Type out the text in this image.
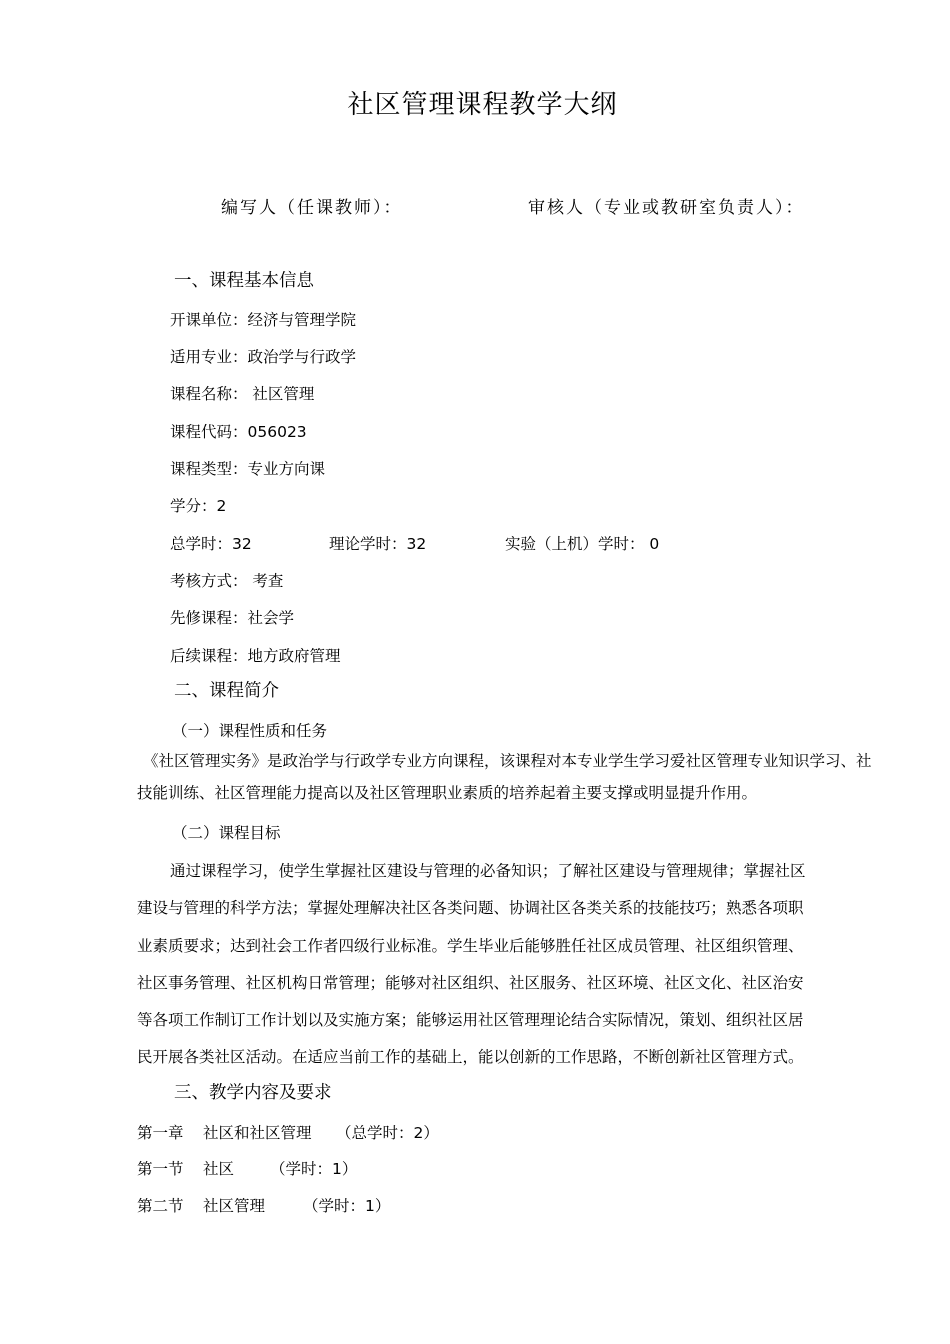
社区管理课程教学大纲
编写人（任课教师）：	审核人（专业或教研室负责人）：
一、课程基本信息
开课单位：经济与管理学院
适用专业：政治学与行政学
课程名称： 社区管理
课程代码：056023
课程类型：专业方向课
学分：2
总学时：32	理论学时：32	实验（上机）学时： 0
考核方式： 考查
先修课程：社会学
后续课程：地方政府管理
二、课程简介
（一）课程性质和任务
《社区管理实务》是政治学与行政学专业方向课程，该课程对本专业学生学习爱社区管理专业知识学习、社
技能训练、社区管理能力提高以及社区管理职业素质的培养起着主要支撑或明显提升作用。
（二）课程目标
通过课程学习，使学生掌握社区建设与管理的必备知识；了解社区建设与管理规律；掌握社区
建设与管理的科学方法；掌握处理解决社区各类问题、协调社区各类关系的技能技巧；熟悉各项职
业素质要求；达到社会工作者四级行业标准。学生毕业后能够胜任社区成员管理、社区组织管理、
社区事务管理、社区机构日常管理；能够对社区组织、社区服务、社区环境、社区文化、社区治安
等各项工作制订工作计划以及实施方案；能够运用社区管理理论结合实际情况，策划、组织社区居
民开展各类社区活动。在适应当前工作的基础上，能以创新的工作思路，不断创新社区管理方式。
三、教学内容及要求
第一章 社区和社区管理 （总学时：2）
第一节 社区 （学时：1）
第二节 社区管理 （学时：1）
